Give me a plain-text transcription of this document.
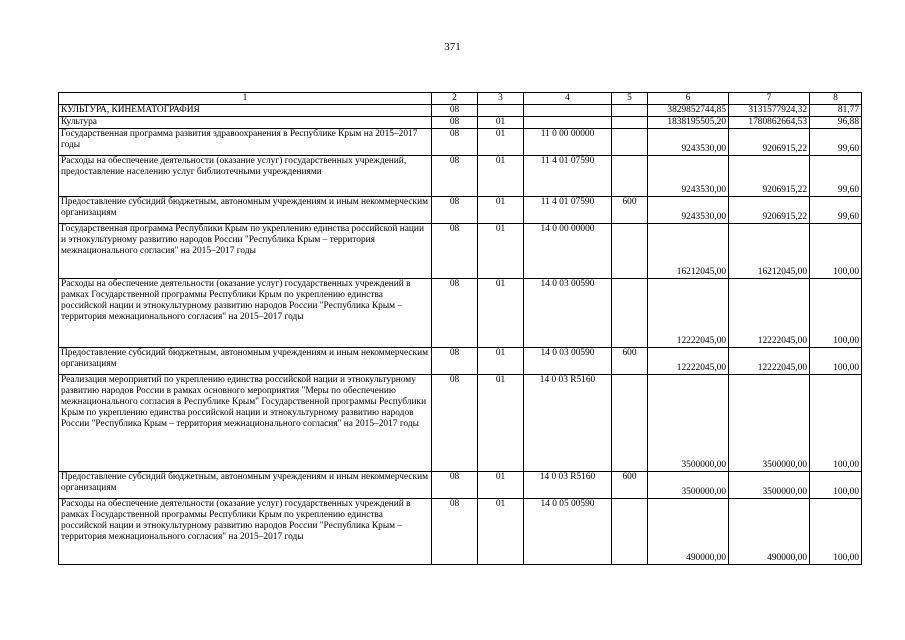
371
1	2	3	4	5	6	7	8
КУЛЬТУРА, КИНЕМАТОГРАФИЯ	08				3829852744,85	3131577924,32	81,77
Культура	08	01			1838195505,20	1780862664,53	96,88
Государственная программа развития здравоохранения в Республике Крым на 2015–2017 годы	08	01	11 0 00 00000		9243530,00	9206915,22	99,60
Расходы на обеспечение деятельности (оказание услуг) государственных учреждений, предоставление населению услуг библиотечными учреждениями	08	01	11 4 01 07590		9243530,00	9206915,22	99,60
Предоставление субсидий бюджетным, автономным учреждениям и иным некоммерческим организациям	08	01	11 4 01 07590	600	9243530,00	9206915,22	99,60
Государственная программа Республики Крым по укреплению единства российской нации и этнокультурному развитию народов России "Республика Крым – территория межнационального согласия" на 2015–2017 годы	08	01	14 0 00 00000		16212045,00	16212045,00	100,00
Расходы на обеспечение деятельности (оказание услуг) государственных учреждений в рамках Государственной программы Республики Крым по укреплению единства российской нации и этнокультурному развитию народов России "Республика Крым – территория межнационального согласия" на 2015–2017 годы	08	01	14 0 03 00590		12222045,00	12222045,00	100,00
Предоставление субсидий бюджетным, автономным учреждениям и иным некоммерческим организациям	08	01	14 0 03 00590	600	12222045,00	12222045,00	100,00
Реализация мероприятий по укреплению единства российской нации и этнокультурному развитию народов России в рамках основного мероприятия "Меры по обеспечению межнационального согласия в Республике Крым" Государственной программы Республики Крым по укреплению единства российской нации и этнокультурному развитию народов России "Республика Крым – территория межнационального согласия" на 2015–2017 годы	08	01	14 0 03 R5160		3500000,00	3500000,00	100,00
Предоставление субсидий бюджетным, автономным учреждениям и иным некоммерческим организациям	08	01	14 0 03 R5160	600	3500000,00	3500000,00	100,00
Расходы на обеспечение деятельности (оказание услуг) государственных учреждений в рамках Государственной программы Республики Крым по укреплению единства российской нации и этнокультурному развитию народов России "Республика Крым – территория межнационального согласия" на 2015–2017 годы	08	01	14 0 05 00590		490000,00	490000,00	100,00
